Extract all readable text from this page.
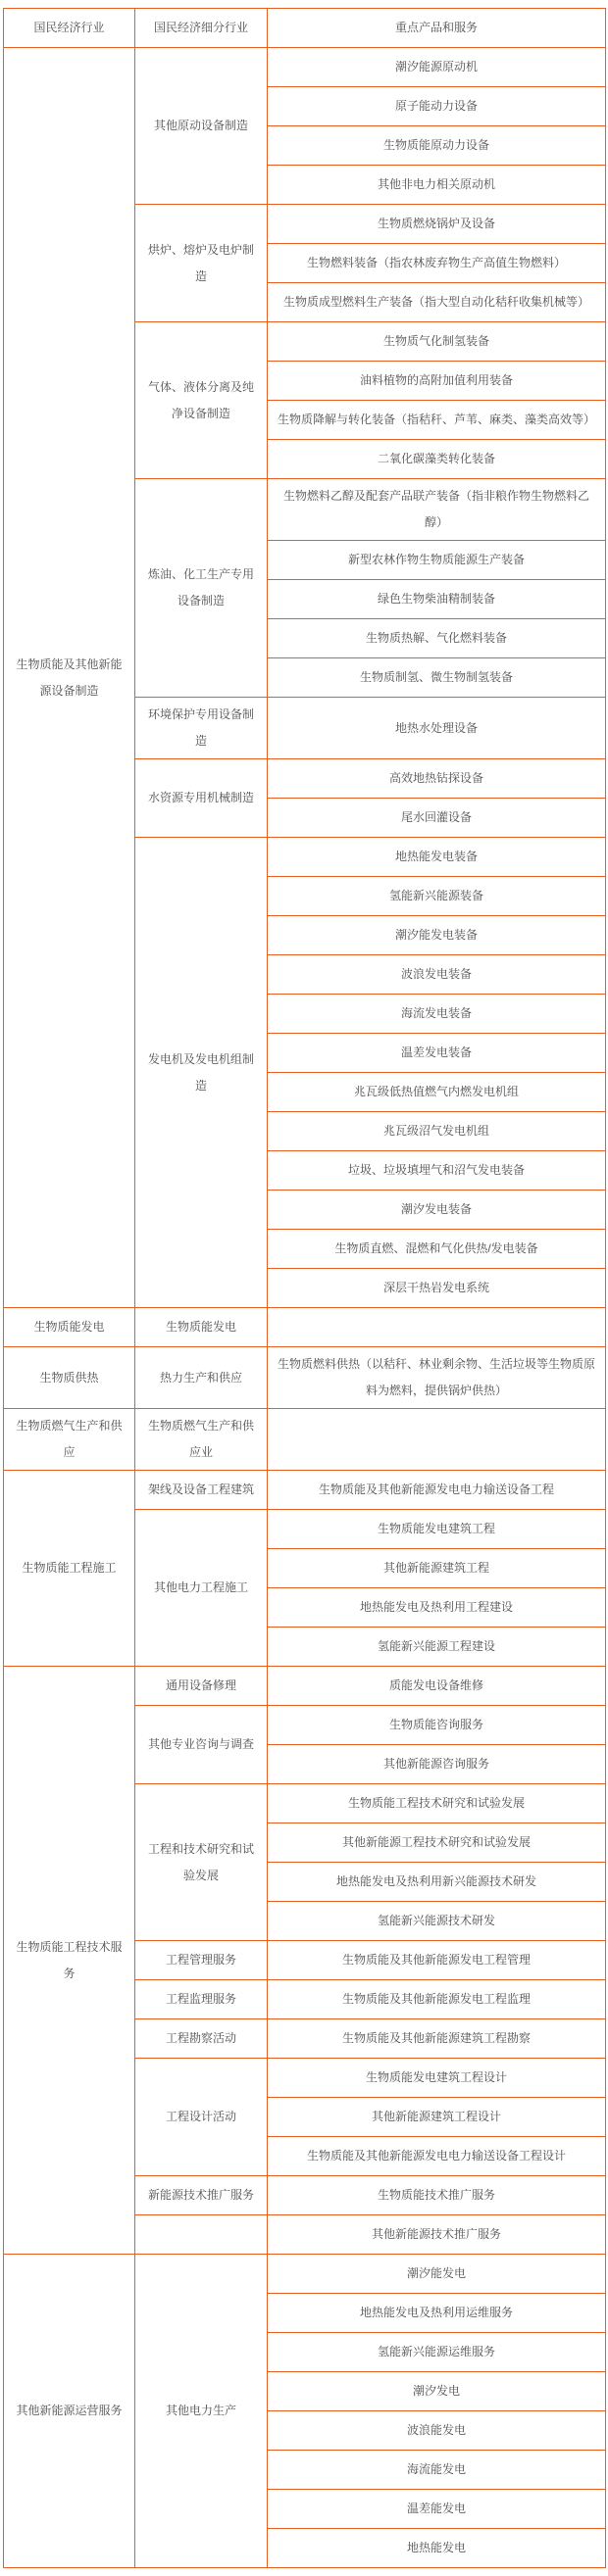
国民经济行业	国民经济细分行业	重点产品和服务
生物质能及其他新能源设备制造	其他原动设备制造	潮汐能源原动机
		原子能动力设备
		生物质能原动力设备
		其他非电力相关原动机
	烘炉、熔炉及电炉制造	生物质燃烧锅炉及设备
		生物燃料装备（指农林废弃物生产高值生物燃料）
		生物质成型燃料生产装备（指大型自动化秸秆收集机械等）
	气体、液体分离及纯净设备制造	生物质气化制氢装备
		油料植物的高附加值利用装备
		生物质降解与转化装备（指秸秆、芦苇、麻类、藻类高效等）
		二氧化碳藻类转化装备
	炼油、化工生产专用设备制造	生物燃料乙醇及配套产品联产装备（指非粮作物生物燃料乙醇）
		新型农林作物生物质能源生产装备
		绿色生物柴油精制装备
		生物质热解、气化燃料装备
		生物质制氢、微生物制氢装备
	环境保护专用设备制造	地热水处理设备
	水资源专用机械制造	高效地热钻探设备
		尾水回灌设备
	发电机及发电机组制造	地热能发电装备
		氢能新兴能源装备
		潮汐能发电装备
		波浪发电装备
		海流发电装备
		温差发电装备
		兆瓦级低热值燃气内燃发电机组
		兆瓦级沼气发电机组
		垃圾、垃圾填埋气和沼气发电装备
		潮汐发电装备
		生物质直燃、混燃和气化供热/发电装备
		深层干热岩发电系统
生物质能发电	生物质能发电	
生物质供热	热力生产和供应	生物质燃料供热（以秸秆、林业剩余物、生活垃圾等生物质原料为燃料，提供锅炉供热）
生物质燃气生产和供应	生物质燃气生产和供应业	
生物质能工程施工	架线及设备工程建筑	生物质能及其他新能源发电电力输送设备工程
	其他电力工程施工	生物质能发电建筑工程
		其他新能源建筑工程
		地热能发电及热利用工程建设
		氢能新兴能源工程建设
生物质能工程技术服务	通用设备修理	质能发电设备维修
	其他专业咨询与调查	生物质能咨询服务
		其他新能源咨询服务
	工程和技术研究和试验发展	生物质能工程技术研究和试验发展
		其他新能源工程技术研究和试验发展
		地热能发电及热利用新兴能源技术研发
		氢能新兴能源技术研发
	工程管理服务	生物质能及其他新能源发电工程管理
	工程监理服务	生物质能及其他新能源发电工程监理
	工程勘察活动	生物质能及其他新能源建筑工程勘察
	工程设计活动	生物质能发电建筑工程设计
		其他新能源建筑工程设计
		生物质能及其他新能源发电电力输送设备工程设计
	新能源技术推广服务	生物质能技术推广服务
		其他新能源技术推广服务
其他新能源运营服务	其他电力生产	潮汐能发电
		地热能发电及热利用运维服务
		氢能新兴能源运维服务
		潮汐发电
		波浪能发电
		海流能发电
		温差能发电
		地热能发电
